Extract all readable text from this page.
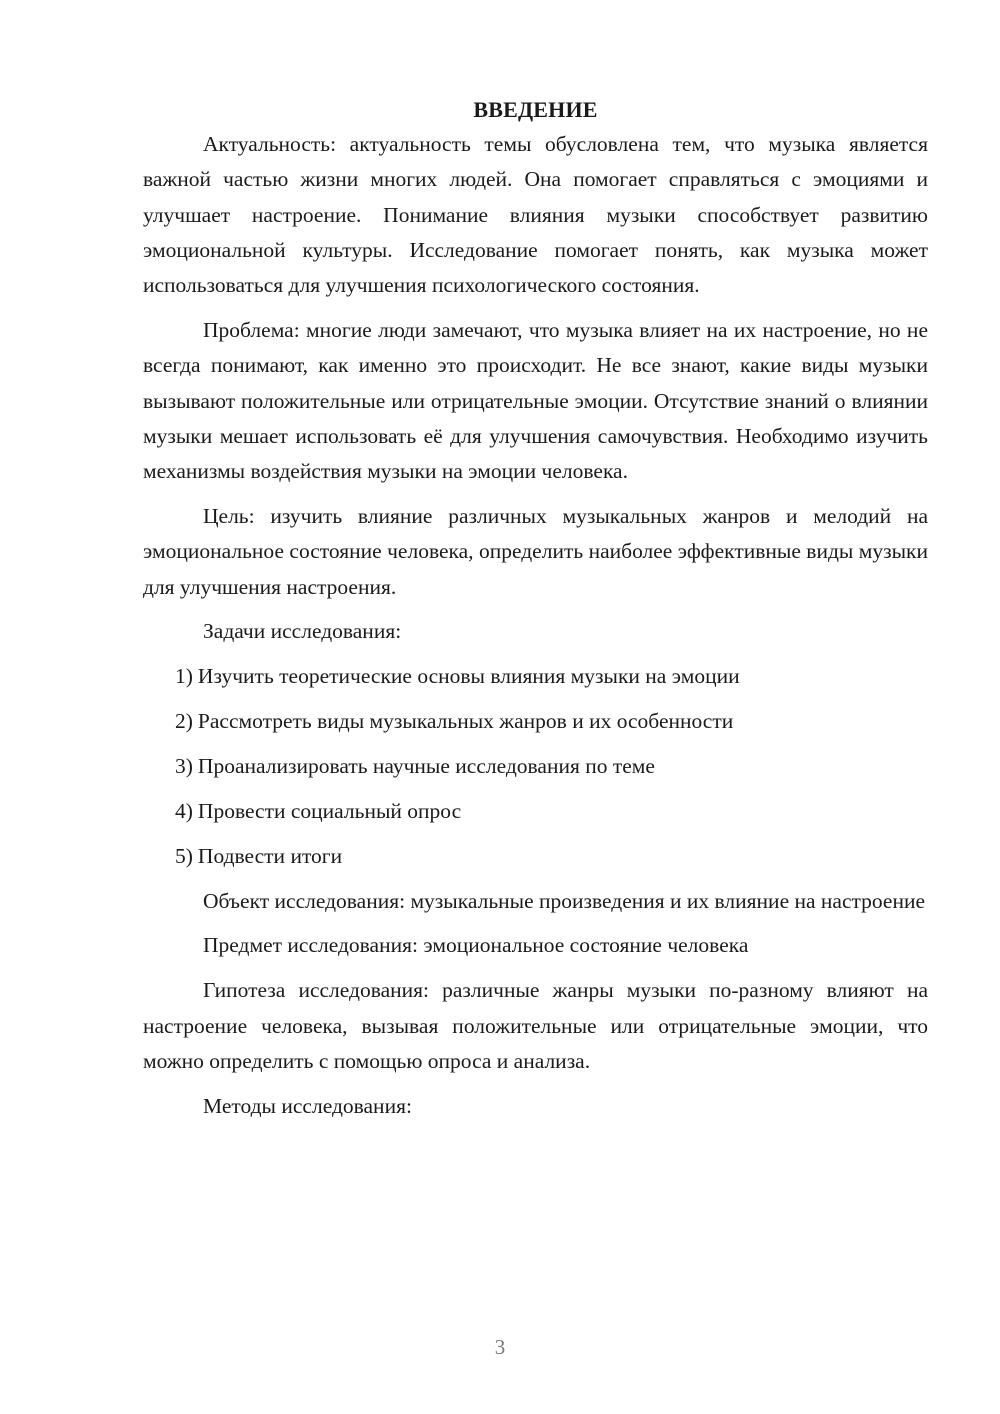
ВВЕДЕНИЕ

Актуальность: актуальность темы обусловлена тем, что музыка является важной частью жизни многих людей. Она помогает справляться с эмоциями и улучшает настроение. Понимание влияния музыки способствует развитию эмоциональной культуры. Исследование помогает понять, как музыка может использоваться для улучшения психологического состояния.

Проблема: многие люди замечают, что музыка влияет на их настроение, но не всегда понимают, как именно это происходит. Не все знают, какие виды музыки вызывают положительные или отрицательные эмоции. Отсутствие знаний о влиянии музыки мешает использовать её для улучшения самочувствия. Необходимо изучить механизмы воздействия музыки на эмоции человека.

Цель: изучить влияние различных музыкальных жанров и мелодий на эмоциональное состояние человека, определить наиболее эффективные виды музыки для улучшения настроения.

Задачи исследования:

1) Изучить теоретические основы влияния музыки на эмоции
2) Рассмотреть виды музыкальных жанров и их особенности
3) Проанализировать научные исследования по теме
4) Провести социальный опрос
5) Подвести итоги

Объект исследования: музыкальные произведения и их влияние на настроение

Предмет исследования: эмоциональное состояние человека

Гипотеза исследования: различные жанры музыки по-разному влияют на настроение человека, вызывая положительные или отрицательные эмоции, что можно определить с помощью опроса и анализа.

Методы исследования:

3
